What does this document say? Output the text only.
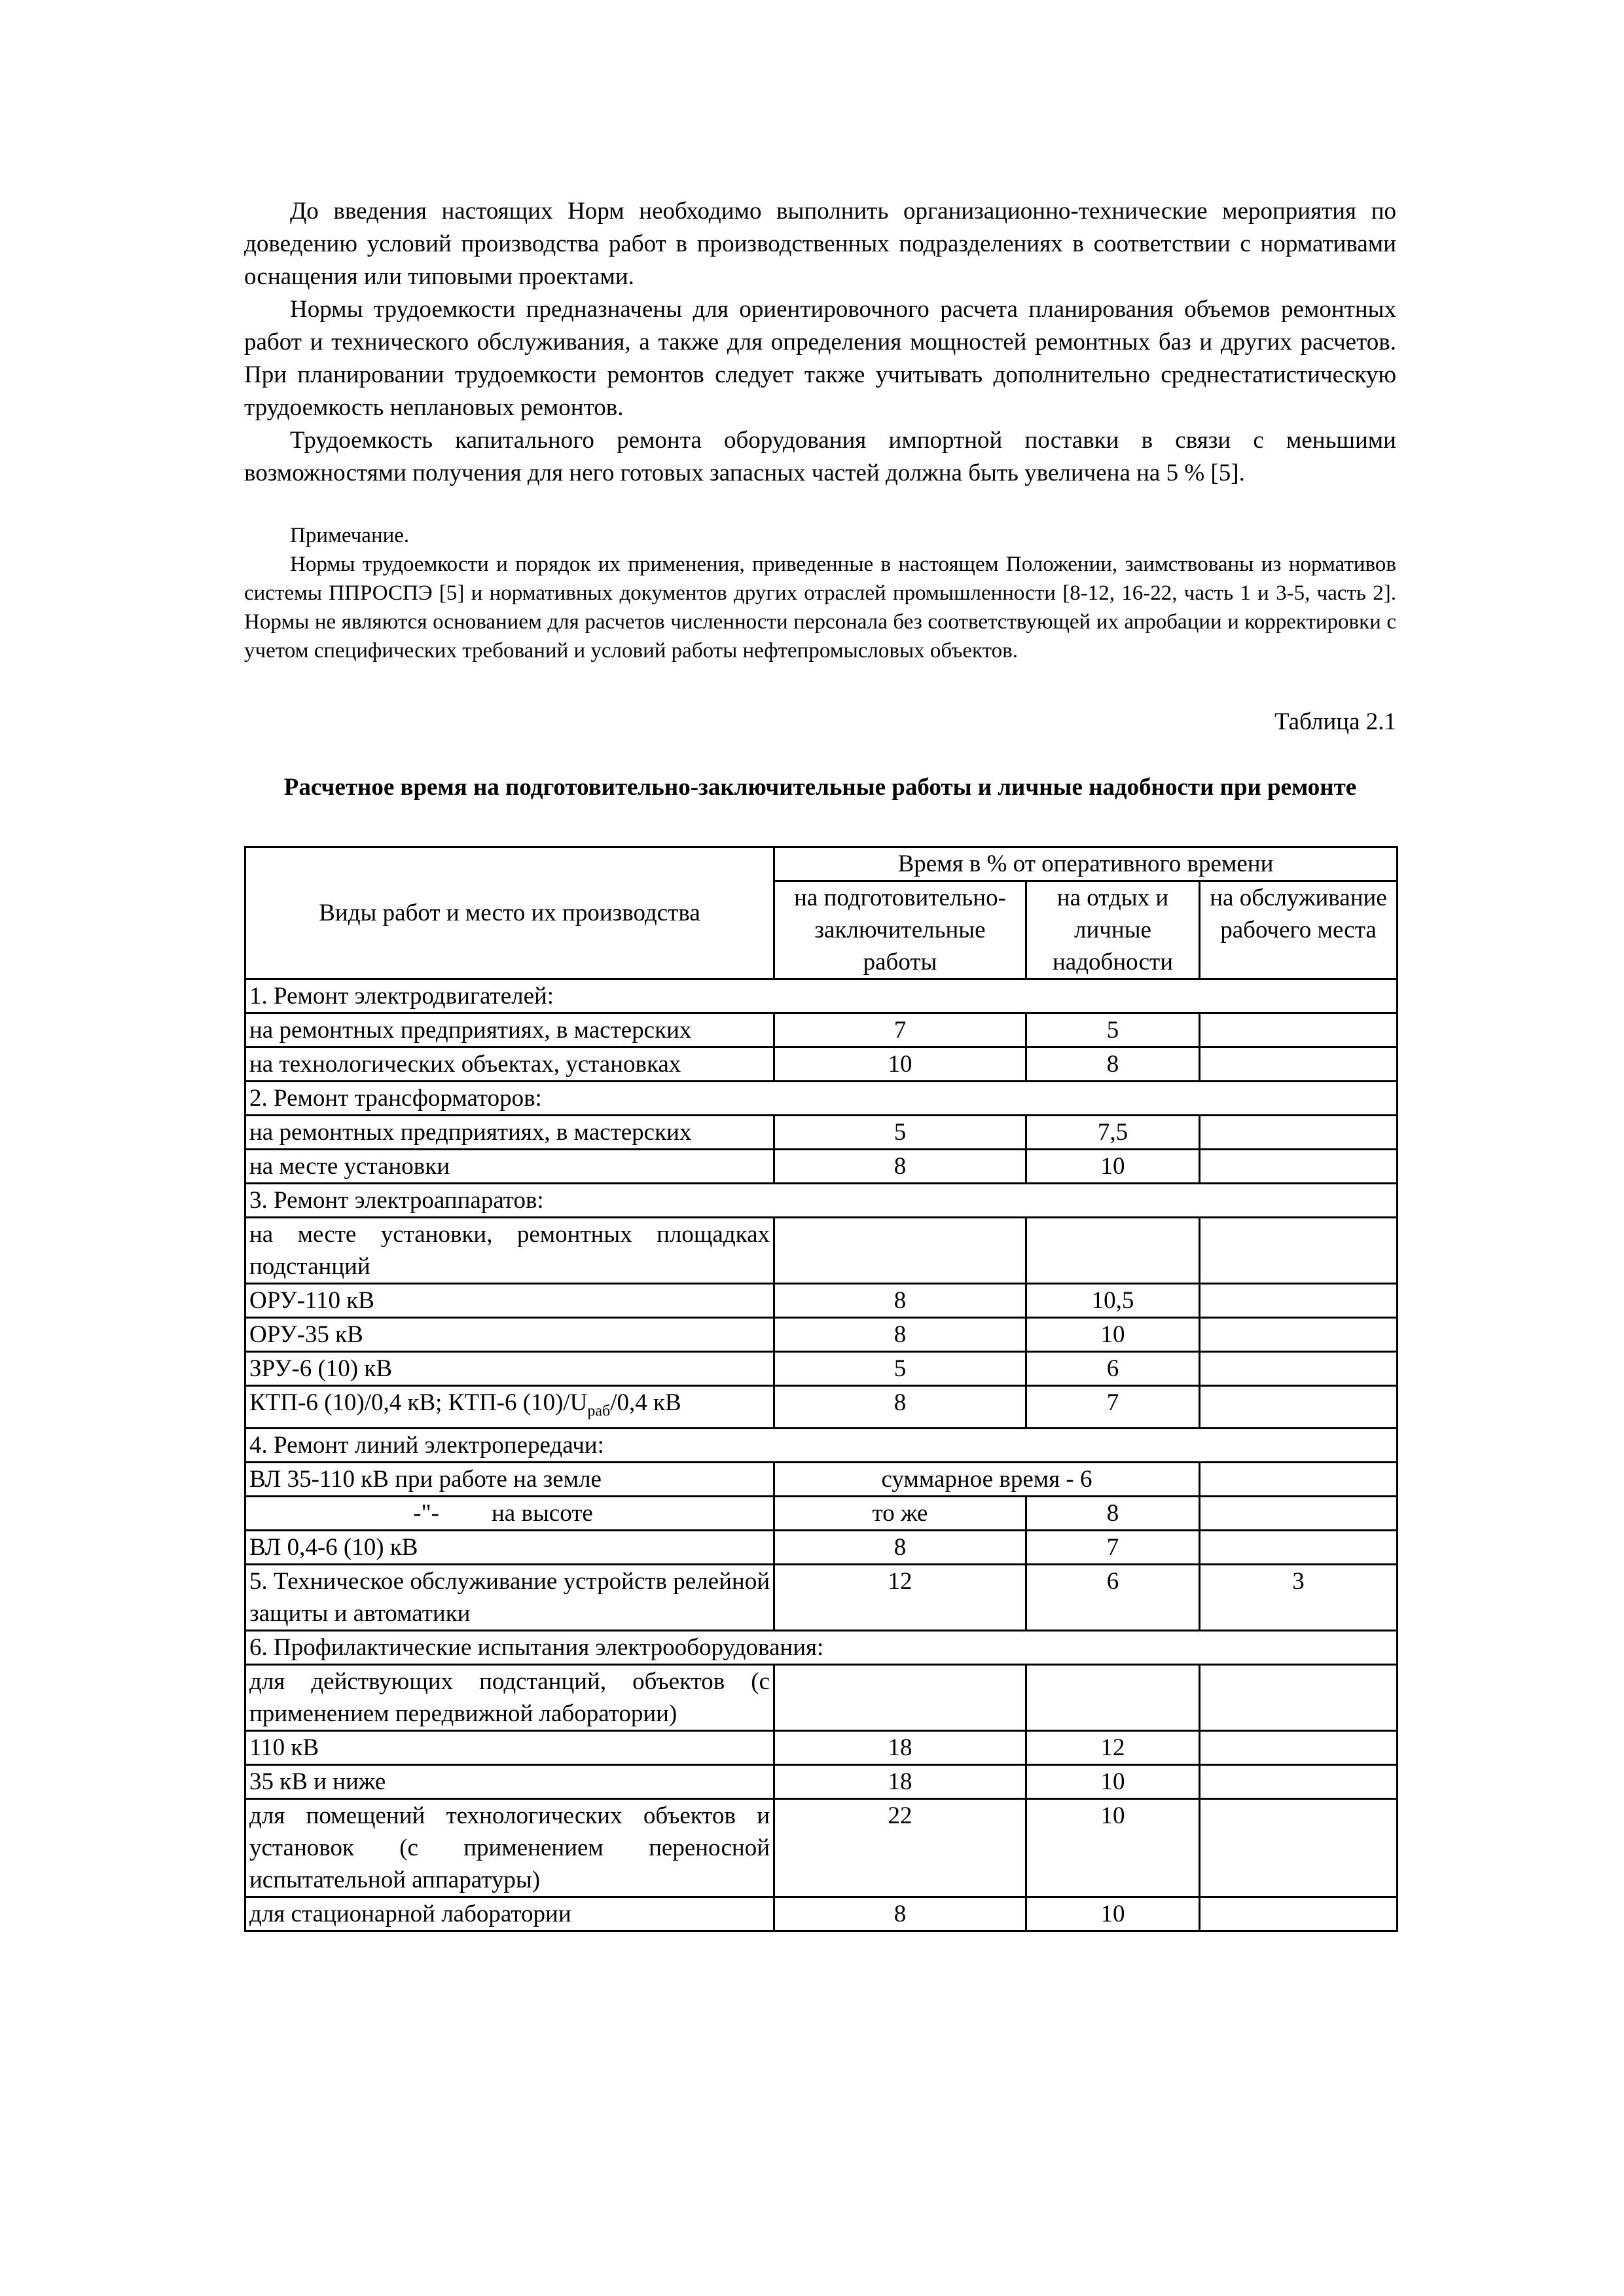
До введения настоящих Норм необходимо выполнить организационно-технические мероприятия по доведению условий производства работ в производственных подразделениях в соответствии с нормативами оснащения или типовыми проектами.

Нормы трудоемкости предназначены для ориентировочного расчета планирования объемов ремонтных работ и технического обслуживания, а также для определения мощностей ремонтных баз и других расчетов. При планировании трудоемкости ремонтов следует также учитывать дополнительно среднестатистическую трудоемкость неплановых ремонтов.

Трудоемкость капитального ремонта оборудования импортной поставки в связи с меньшими возможностями получения для него готовых запасных частей должна быть увеличена на 5 % [5].

Примечание.

Нормы трудоемкости и порядок их применения, приведенные в настоящем Положении, заимствованы из нормативов системы ППРОСПЭ [5] и нормативных документов других отраслей промышленности [8-12, 16-22, часть 1 и 3-5, часть 2]. Нормы не являются основанием для расчетов численности персонала без соответствующей их апробации и корректировки с учетом специфических требований и условий работы нефтепромысловых объектов.

Таблица 2.1

Расчетное время на подготовительно-заключительные работы и личные надобности при ремонте

Виды работ и место их производства	Время в % от оперативного времени		
	на подготовительно-заключительные работы	на отдых и личные надобности	на обслуживание рабочего места
1. Ремонт электродвигателей:			
на ремонтных предприятиях, в мастерских	7	5	
на технологических объектах, установках	10	8	
2. Ремонт трансформаторов:			
на ремонтных предприятиях, в мастерских	5	7,5	
на месте установки	8	10	
3. Ремонт электроаппаратов:			
на месте установки, ремонтных площадках подстанций			
ОРУ-110 кВ	8	10,5	
ОРУ-35 кВ	8	10	
ЗРУ-6 (10) кВ	5	6	
КТП-6 (10)/0,4 кВ; КТП-6 $(10)/U_{раб}/0,4$ кВ	8	7	
4. Ремонт линий электропередачи:			
ВЛ 35-110 кВ при работе на земле	суммарное время - 6		
-"- на высоте	то же	8	
ВЛ 0,4-6 (10) кВ	8	7	
5. Техническое обслуживание устройств релейной защиты и автоматики	12	6	3
6. Профилактические испытания электрооборудования:			
для действующих подстанций, объектов (с применением передвижной лаборатории)			
110 кВ	18	12	
35 кВ и ниже	18	10	
для помещений технологических объектов и установок (с применением переносной испытательной аппаратуры)	22	10	
для стационарной лаборатории	8	10	
